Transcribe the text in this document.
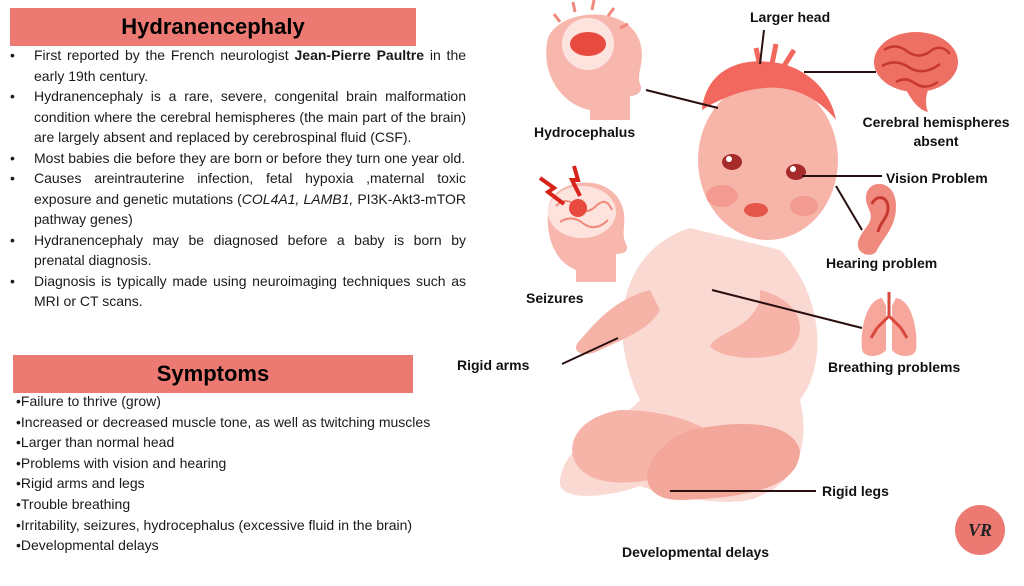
Hydranencephaly
• First reported by the French neurologist Jean-Pierre Paultre in the early 19th century.
• Hydranencephaly is a rare, severe, congenital brain malformation condition where the cerebral hemispheres (the main part of the brain) are largely absent and replaced by cerebrospinal fluid (CSF).
• Most babies die before they are born or before they turn one year old.
• Causes areintrauterine infection, fetal hypoxia ,maternal toxic exposure and genetic mutations (COL4A1, LAMB1, PI3K-Akt3-mTOR pathway genes)
• Hydranencephaly may be diagnosed before a baby is born by prenatal diagnosis.
• Diagnosis is typically made using neuroimaging techniques such as MRI or CT scans.
Symptoms
•Failure to thrive (grow)
•Increased or decreased muscle tone, as well as twitching muscles
•Larger than normal head
•Problems with vision and hearing
•Rigid arms and legs
•Trouble breathing
•Irritability, seizures, hydrocephalus (excessive fluid in the brain)
•Developmental delays
Larger head
Hydrocephalus
Cerebral hemispheres
absent
Vision Problem
Hearing problem
Seizures
Breathing problems
Rigid arms
Rigid legs
Developmental delays
VR
